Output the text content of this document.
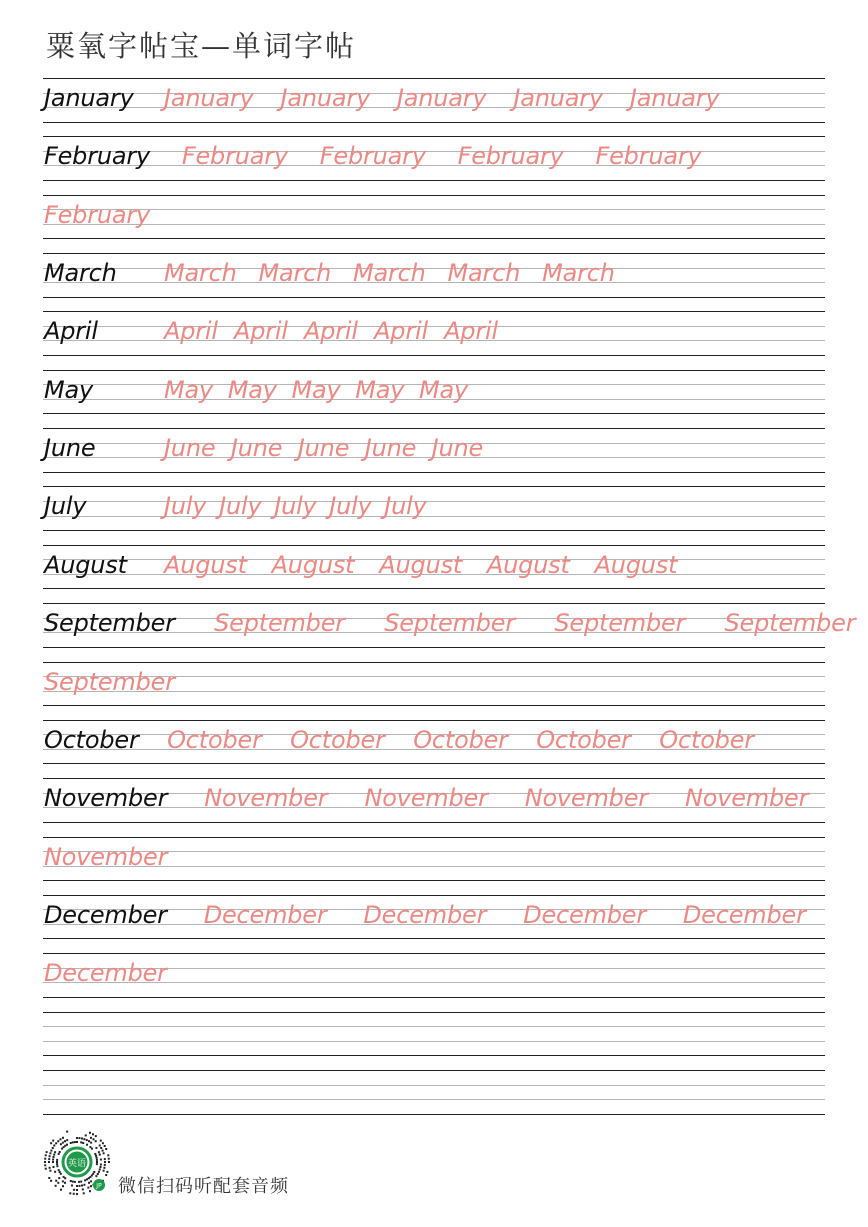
粟氧字帖宝—单词字帖
January January January January January January
February February February February February
February
March March March March March March
April	April April April April April
May	May May May May May
June	June June June June June
July	July July July July July
August August August August August August
September September September September September
September
October October October October October October
November November November November November
November
December December December December December
December
英语
JP 微信扫码听配套音频
